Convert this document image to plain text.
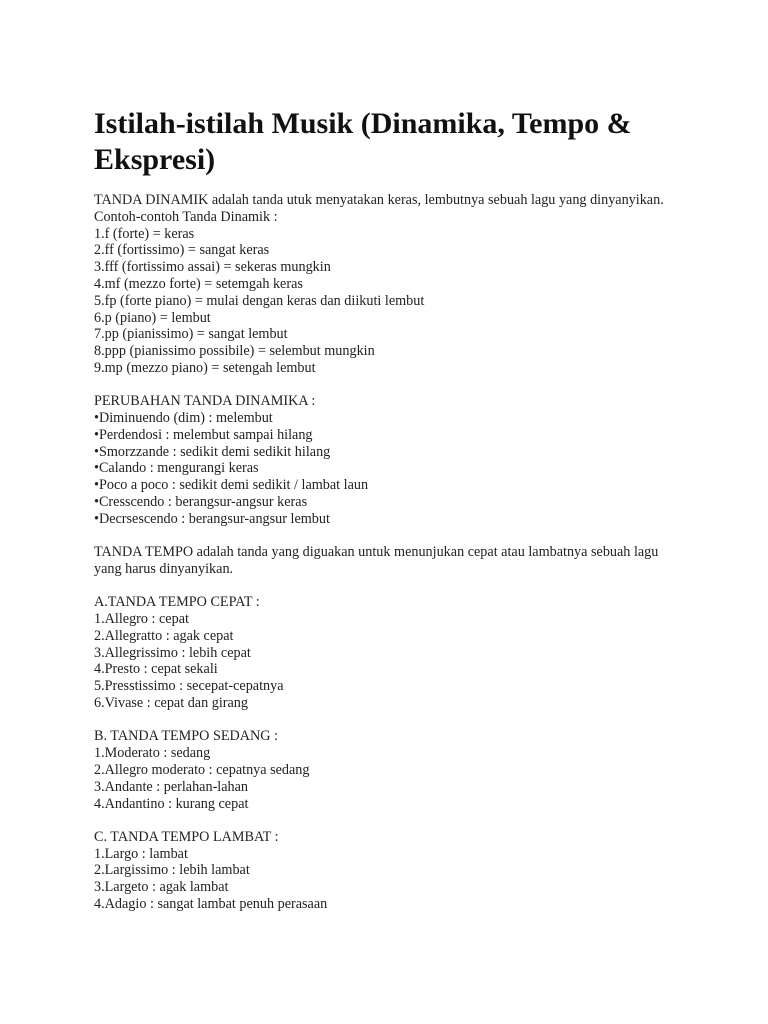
Istilah-istilah Musik (Dinamika, Tempo & Ekspresi)
TANDA DINAMIK adalah tanda utuk menyatakan keras, lembutnya sebuah lagu yang dinyanyikan. Contoh-contoh Tanda Dinamik :
1.f (forte) = keras
2.ff (fortissimo) = sangat keras
3.fff (fortissimo assai) = sekeras mungkin
4.mf (mezzo forte) = setemgah keras
5.fp (forte piano) = mulai dengan keras dan diikuti lembut
6.p (piano) = lembut
7.pp (pianissimo) = sangat lembut
8.ppp (pianissimo possibile) = selembut mungkin
9.mp (mezzo piano) = setengah lembut
PERUBAHAN TANDA DINAMIKA :
•Diminuendo (dim) : melembut
•Perdendosi : melembut sampai hilang
•Smorzzande : sedikit demi sedikit hilang
•Calando : mengurangi keras
•Poco a poco : sedikit demi sedikit / lambat laun
•Cresscendo : berangsur-angsur keras
•Decrsescendo : berangsur-angsur lembut
TANDA TEMPO adalah tanda yang diguakan untuk menunjukan cepat atau lambatnya sebuah lagu yang harus dinyanyikan.
A.TANDA TEMPO CEPAT :
1.Allegro : cepat
2.Allegratto : agak cepat
3.Allegrissimo : lebih cepat
4.Presto : cepat sekali
5.Presstissimo : secepat-cepatnya
6.Vivase : cepat dan girang
B. TANDA TEMPO SEDANG :
1.Moderato : sedang
2.Allegro moderato : cepatnya sedang
3.Andante : perlahan-lahan
4.Andantino : kurang cepat
C. TANDA TEMPO LAMBAT :
1.Largo : lambat
2.Largissimo : lebih lambat
3.Largeto : agak lambat
4.Adagio : sangat lambat penuh perasaan
